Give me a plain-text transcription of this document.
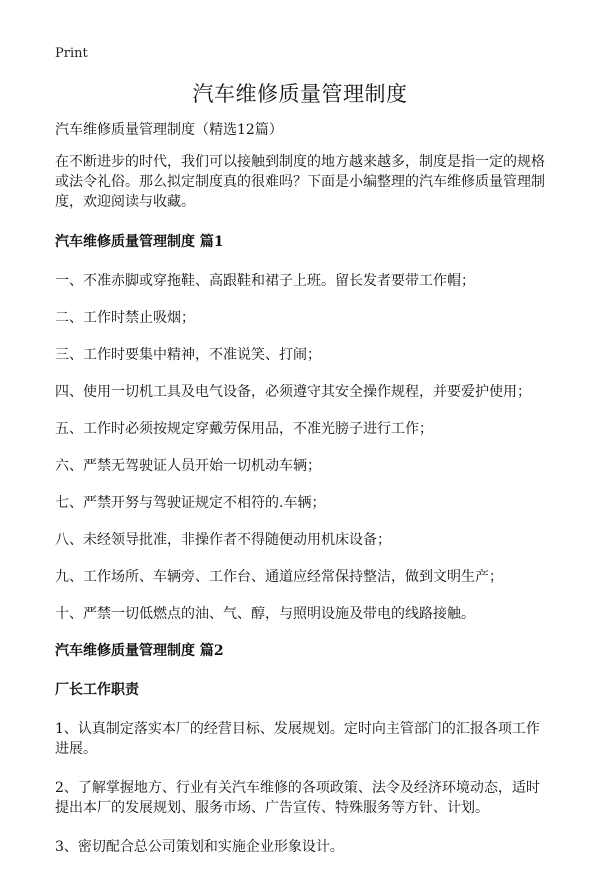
Print
汽车维修质量管理制度

汽车维修质量管理制度（精选12篇）

在不断进步的时代，我们可以接触到制度的地方越来越多，制度是指一定的规格或法令礼俗。那么拟定制度真的很难吗？下面是小编整理的汽车维修质量管理制度，欢迎阅读与收藏。

汽车维修质量管理制度 篇1

一、不准赤脚或穿拖鞋、高跟鞋和裙子上班。留长发者要带工作帽；

二、工作时禁止吸烟；

三、工作时要集中精神，不准说笑、打闹；

四、使用一切机工具及电气设备，必须遵守其安全操作规程，并要爱护使用；

五、工作时必须按规定穿戴劳保用品，不准光膀子进行工作；

六、严禁无驾驶证人员开始一切机动车辆；

七、严禁开努与驾驶证规定不相符的.车辆；

八、未经领导批准，非操作者不得随便动用机床设备；

九、工作场所、车辆旁、工作台、通道应经常保持整洁，做到文明生产；

十、严禁一切低燃点的油、气、醇，与照明设施及带电的线路接触。

汽车维修质量管理制度 篇2
厂长工作职责

1、认真制定落实本厂的经营目标、发展规划。定时向主管部门的汇报各项工作进展。

2、了解掌握地方、行业有关汽车维修的各项政策、法令及经济环境动态，适时提出本厂的发展规划、服务市场、广告宣传、特殊服务等方针、计划。

3、密切配合总公司策划和实施企业形象设计。
